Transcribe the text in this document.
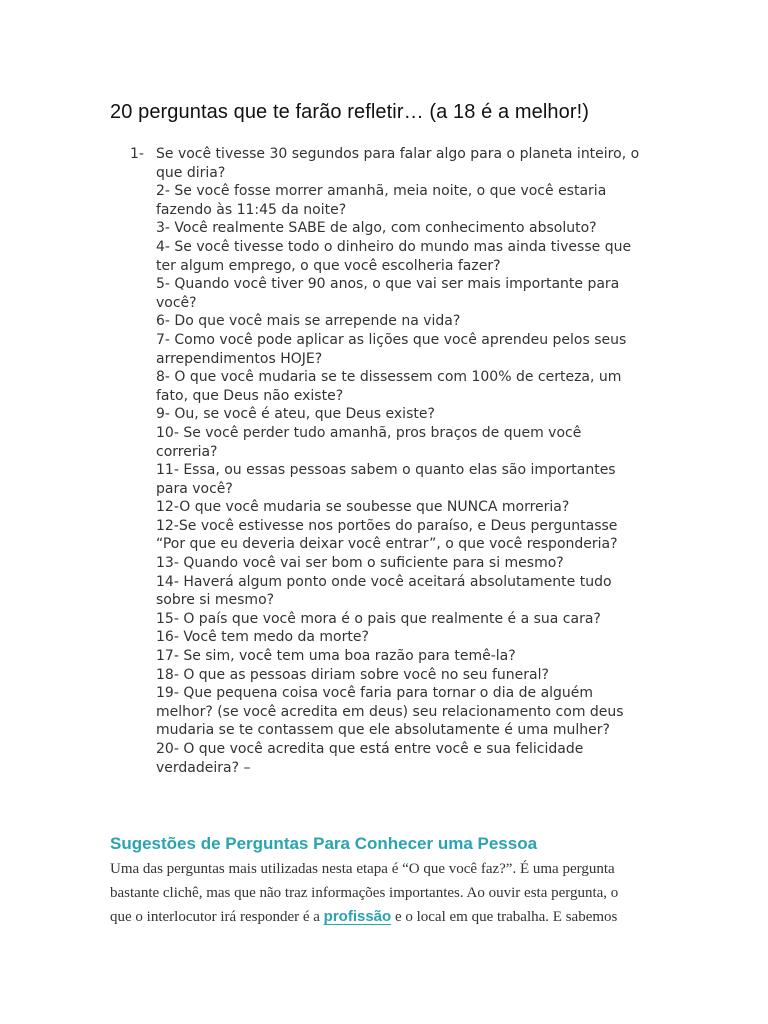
20 perguntas que te farão refletir… (a 18 é a melhor!)
1- Se você tivesse 30 segundos para falar algo para o planeta inteiro, o
que diria?
2- Se você fosse morrer amanhã, meia noite, o que você estaria
fazendo às 11:45 da noite?
3- Você realmente SABE de algo, com conhecimento absoluto?
4- Se você tivesse todo o dinheiro do mundo mas ainda tivesse que
ter algum emprego, o que você escolheria fazer?
5- Quando você tiver 90 anos, o que vai ser mais importante para
você?
6- Do que você mais se arrepende na vida?
7- Como você pode aplicar as lições que você aprendeu pelos seus
arrependimentos HOJE?
8- O que você mudaria se te dissessem com 100% de certeza, um
fato, que Deus não existe?
9- Ou, se você é ateu, que Deus existe?
10- Se você perder tudo amanhã, pros braços de quem você
correria?
11- Essa, ou essas pessoas sabem o quanto elas são importantes
para você?
12-O que você mudaria se soubesse que NUNCA morreria?
12-Se você estivesse nos portões do paraíso, e Deus perguntasse
“Por que eu deveria deixar você entrar”, o que você responderia?
13- Quando você vai ser bom o suficiente para si mesmo?
14- Haverá algum ponto onde você aceitará absolutamente tudo
sobre si mesmo?
15- O país que você mora é o pais que realmente é a sua cara?
16- Você tem medo da morte?
17- Se sim, você tem uma boa razão para temê-la?
18- O que as pessoas diriam sobre você no seu funeral?
19- Que pequena coisa você faria para tornar o dia de alguém
melhor? (se você acredita em deus) seu relacionamento com deus
mudaria se te contassem que ele absolutamente é uma mulher?
20- O que você acredita que está entre você e sua felicidade
verdadeira? –
Sugestões de Perguntas Para Conhecer uma Pessoa
Uma das perguntas mais utilizadas nesta etapa é “O que você faz?”. É uma pergunta
bastante clichê, mas que não traz informações importantes. Ao ouvir esta pergunta, o
que o interlocutor irá responder é a profissão e o local em que trabalha. E sabemos
